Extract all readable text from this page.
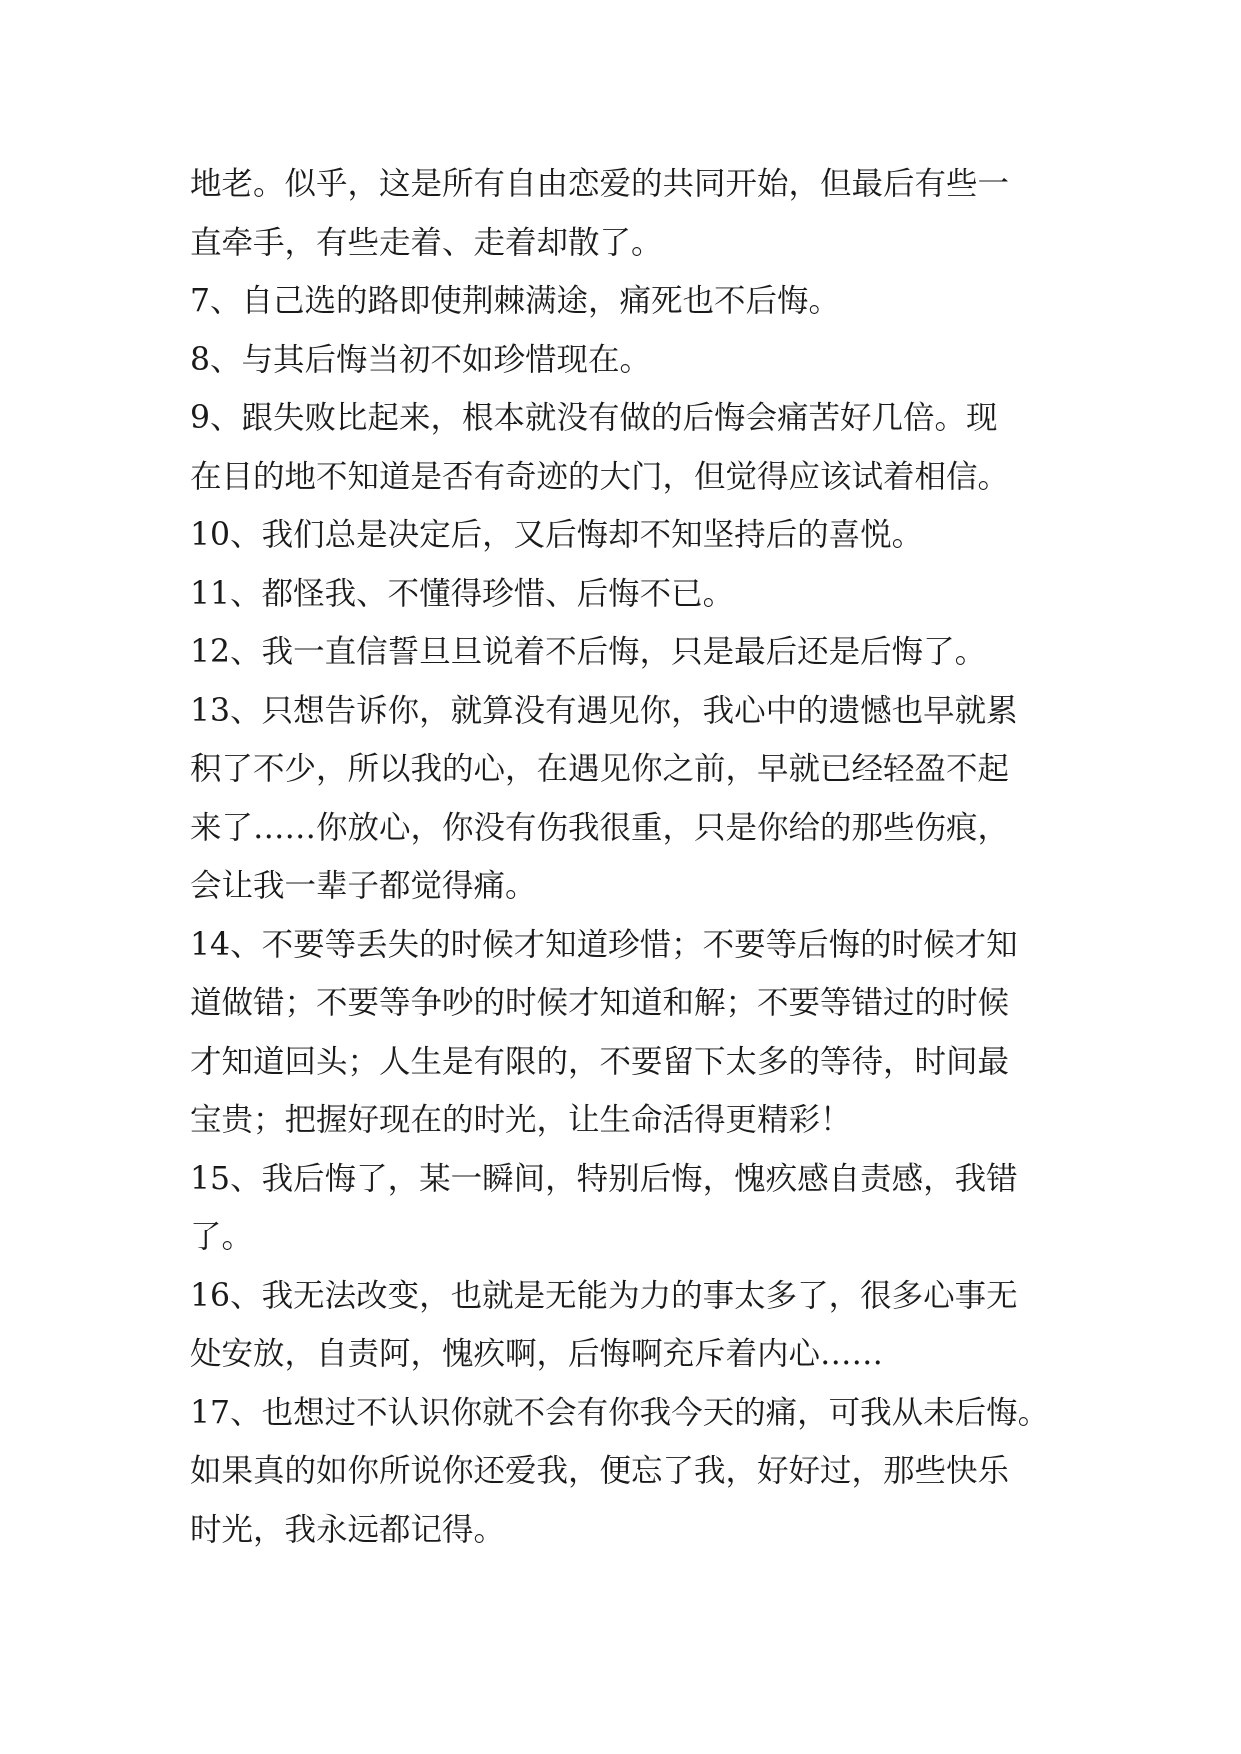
地老。似乎，这是所有自由恋爱的共同开始，但最后有些一
直牵手，有些走着、走着却散了。
7、自己选的路即使荆棘满途，痛死也不后悔。
8、与其后悔当初不如珍惜现在。
9、跟失败比起来，根本就没有做的后悔会痛苦好几倍。现
在目的地不知道是否有奇迹的大门，但觉得应该试着相信。
10、我们总是决定后，又后悔却不知坚持后的喜悦。
11、都怪我、不懂得珍惜、后悔不已。
12、我一直信誓旦旦说着不后悔，只是最后还是后悔了。
13、只想告诉你，就算没有遇见你，我心中的遗憾也早就累
积了不少，所以我的心，在遇见你之前，早就已经轻盈不起
来了……你放心，你没有伤我很重，只是你给的那些伤痕，
会让我一辈子都觉得痛。
14、不要等丢失的时候才知道珍惜；不要等后悔的时候才知
道做错；不要等争吵的时候才知道和解；不要等错过的时候
才知道回头；人生是有限的，不要留下太多的等待，时间最
宝贵；把握好现在的时光，让生命活得更精彩！
15、我后悔了，某一瞬间，特别后悔，愧疚感自责感，我错
了。
16、我无法改变，也就是无能为力的事太多了，很多心事无
处安放，自责阿，愧疚啊，后悔啊充斥着内心……
17、也想过不认识你就不会有你我今天的痛，可我从未后悔。
如果真的如你所说你还爱我，便忘了我，好好过，那些快乐
时光，我永远都记得。
